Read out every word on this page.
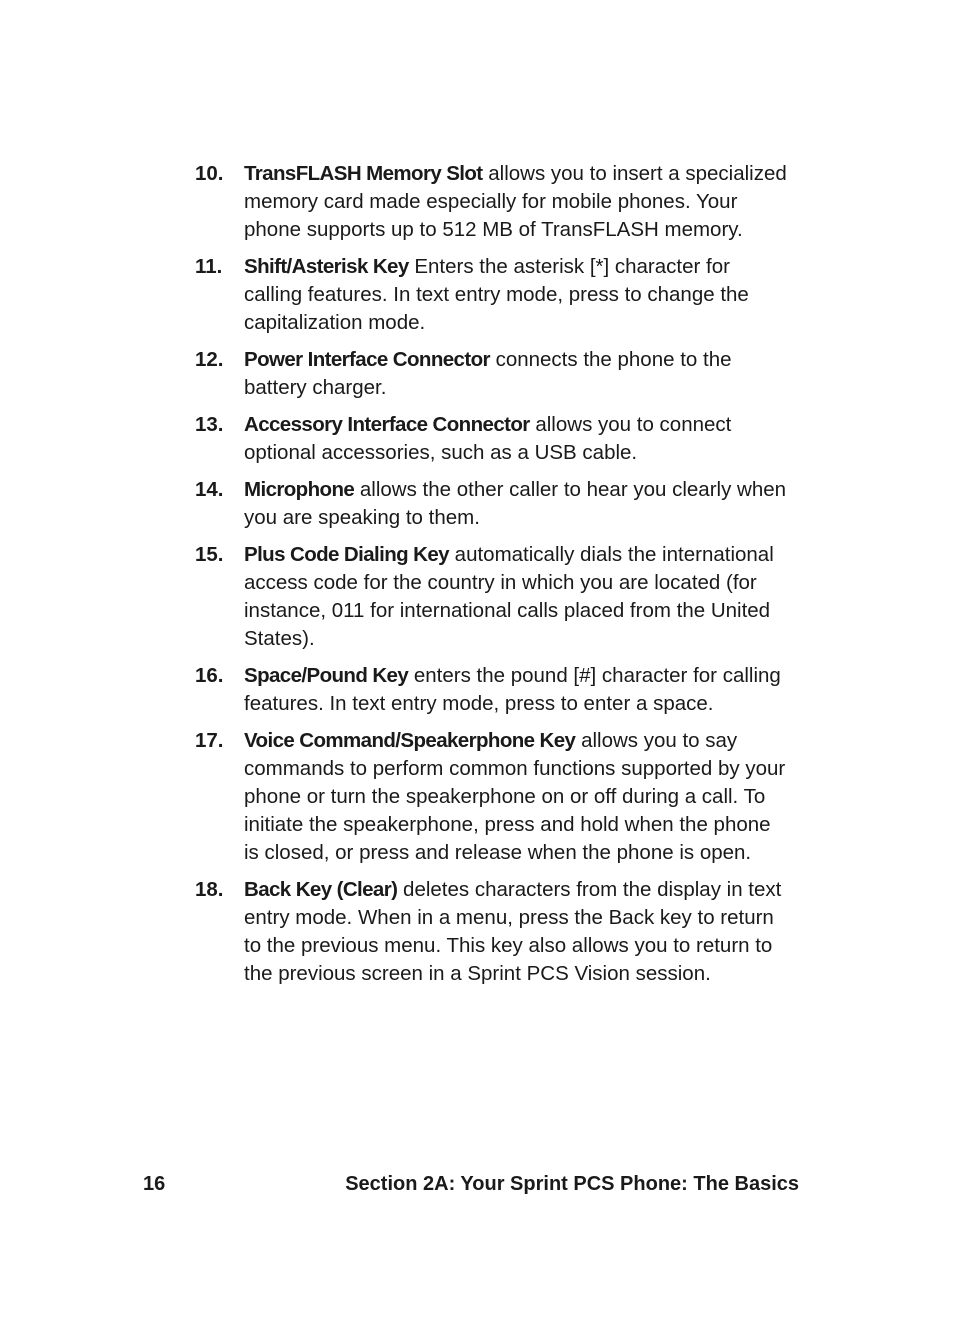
10.	TransFLASH Memory Slot allows you to insert a specialized memory card made especially for mobile phones. Your phone supports up to 512 MB of TransFLASH memory.
11.	Shift/Asterisk Key Enters the asterisk [*] character for calling features. In text entry mode, press to change the capitalization mode.
12.	Power Interface Connector connects the phone to the battery charger.
13.	Accessory Interface Connector allows you to connect optional accessories, such as a USB cable.
14.	Microphone allows the other caller to hear you clearly when you are speaking to them.
15.	Plus Code Dialing Key automatically dials the international access code for the country in which you are located (for instance, 011 for international calls placed from the United States).
16.	Space/Pound Key enters the pound [#] character for calling features. In text entry mode, press to enter a space.
17.	Voice Command/Speakerphone Key allows you to say commands to perform common functions supported by your phone or turn the speakerphone on or off during a call. To initiate the speakerphone, press and hold when the phone is closed, or press and release when the phone is open.
18.	Back Key (Clear) deletes characters from the display in text entry mode. When in a menu, press the Back key to return to the previous menu. This key also allows you to return to the previous screen in a Sprint PCS Vision session.
16	Section 2A: Your Sprint PCS Phone: The Basics
